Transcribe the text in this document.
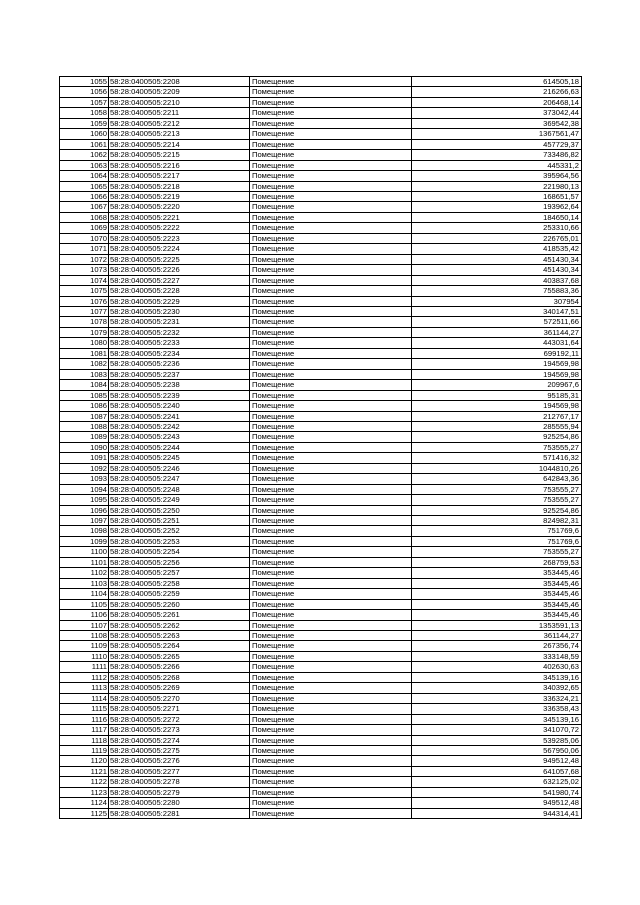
1055	58:28:0400505:2208	Помещение	614505,18
1056	58:28:0400505:2209	Помещение	216266,63
1057	58:28:0400505:2210	Помещение	206468,14
1058	58:28:0400505:2211	Помещение	373042,44
1059	58:28:0400505:2212	Помещение	369542,38
1060	58:28:0400505:2213	Помещение	1367561,47
1061	58:28:0400505:2214	Помещение	457729,37
1062	58:28:0400505:2215	Помещение	733486,82
1063	58:28:0400505:2216	Помещение	445331,2
1064	58:28:0400505:2217	Помещение	395964,56
1065	58:28:0400505:2218	Помещение	221980,13
1066	58:28:0400505:2219	Помещение	168651,57
1067	58:28:0400505:2220	Помещение	193962,64
1068	58:28:0400505:2221	Помещение	184650,14
1069	58:28:0400505:2222	Помещение	253310,66
1070	58:28:0400505:2223	Помещение	226765,01
1071	58:28:0400505:2224	Помещение	418535,42
1072	58:28:0400505:2225	Помещение	451430,34
1073	58:28:0400505:2226	Помещение	451430,34
1074	58:28:0400505:2227	Помещение	403837,68
1075	58:28:0400505:2228	Помещение	755883,36
1076	58:28:0400505:2229	Помещение	307954
1077	58:28:0400505:2230	Помещение	340147,51
1078	58:28:0400505:2231	Помещение	572511,66
1079	58:28:0400505:2232	Помещение	361144,27
1080	58:28:0400505:2233	Помещение	443031,64
1081	58:28:0400505:2234	Помещение	699192,11
1082	58:28:0400505:2236	Помещение	194569,98
1083	58:28:0400505:2237	Помещение	194569,98
1084	58:28:0400505:2238	Помещение	209967,6
1085	58:28:0400505:2239	Помещение	95185,31
1086	58:28:0400505:2240	Помещение	194569,98
1087	58:28:0400505:2241	Помещение	212767,17
1088	58:28:0400505:2242	Помещение	285555,94
1089	58:28:0400505:2243	Помещение	925254,86
1090	58:28:0400505:2244	Помещение	753555,27
1091	58:28:0400505:2245	Помещение	571416,32
1092	58:28:0400505:2246	Помещение	1044810,26
1093	58:28:0400505:2247	Помещение	642843,36
1094	58:28:0400505:2248	Помещение	753555,27
1095	58:28:0400505:2249	Помещение	753555,27
1096	58:28:0400505:2250	Помещение	925254,86
1097	58:28:0400505:2251	Помещение	824982,31
1098	58:28:0400505:2252	Помещение	751769,6
1099	58:28:0400505:2253	Помещение	751769,6
1100	58:28:0400505:2254	Помещение	753555,27
1101	58:28:0400505:2256	Помещение	268759,53
1102	58:28:0400505:2257	Помещение	353445,46
1103	58:28:0400505:2258	Помещение	353445,46
1104	58:28:0400505:2259	Помещение	353445,46
1105	58:28:0400505:2260	Помещение	353445,46
1106	58:28:0400505:2261	Помещение	353445,46
1107	58:28:0400505:2262	Помещение	1353591,13
1108	58:28:0400505:2263	Помещение	361144,27
1109	58:28:0400505:2264	Помещение	267356,74
1110	58:28:0400505:2265	Помещение	333148,59
1111	58:28:0400505:2266	Помещение	402630,63
1112	58:28:0400505:2268	Помещение	345139,16
1113	58:28:0400505:2269	Помещение	340392,65
1114	58:28:0400505:2270	Помещение	336324,21
1115	58:28:0400505:2271	Помещение	336358,43
1116	58:28:0400505:2272	Помещение	345139,16
1117	58:28:0400505:2273	Помещение	341070,72
1118	58:28:0400505:2274	Помещение	539285,06
1119	58:28:0400505:2275	Помещение	567950,06
1120	58:28:0400505:2276	Помещение	949512,48
1121	58:28:0400505:2277	Помещение	641057,68
1122	58:28:0400505:2278	Помещение	632125,02
1123	58:28:0400505:2279	Помещение	541980,74
1124	58:28:0400505:2280	Помещение	949512,48
1125	58:28:0400505:2281	Помещение	944314,41
